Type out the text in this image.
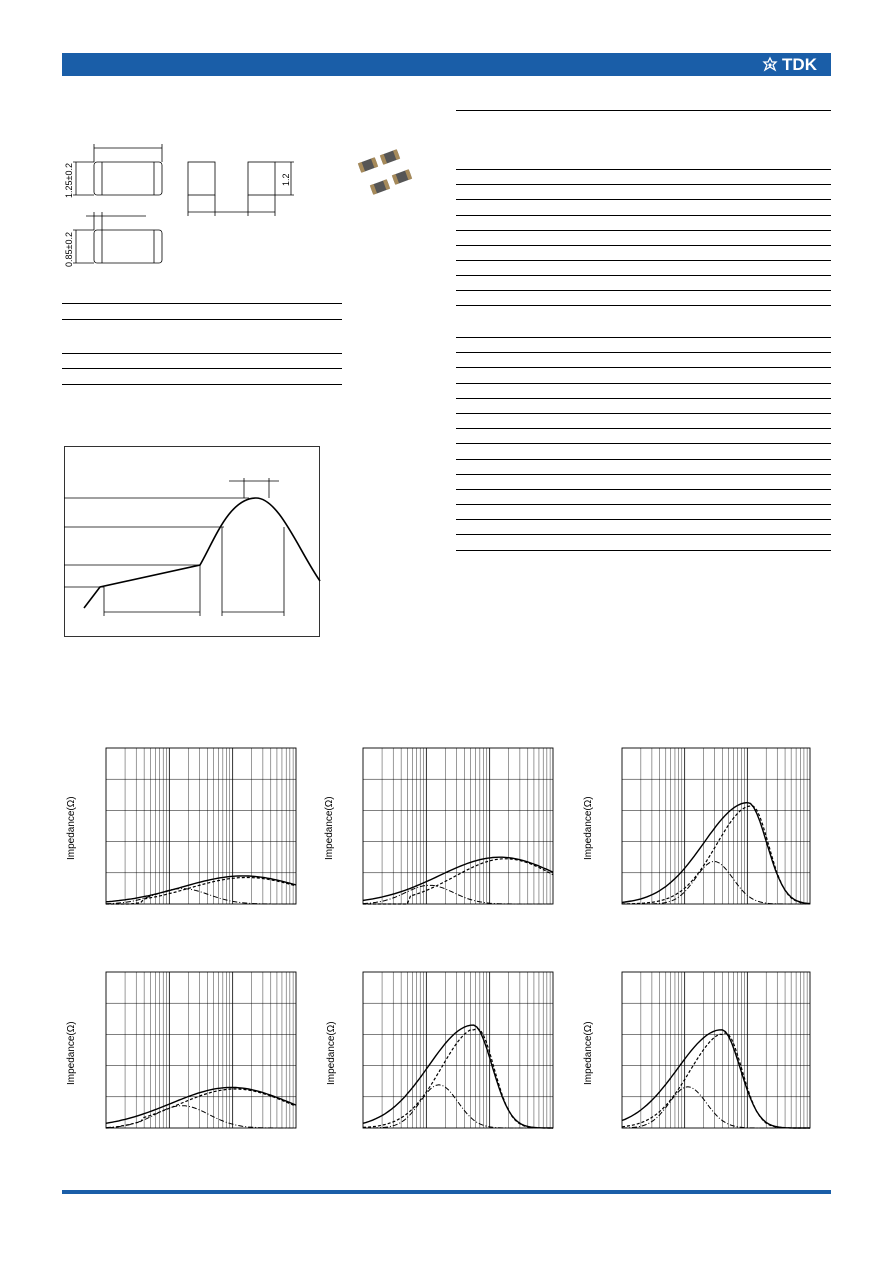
TDK
1.25±0.2
0.85±0.2
1.2
Impedance(Ω)	Impedance(Ω)	Impedance(Ω)
Impedance(Ω)	Impedance(Ω)	Impedance(Ω)
